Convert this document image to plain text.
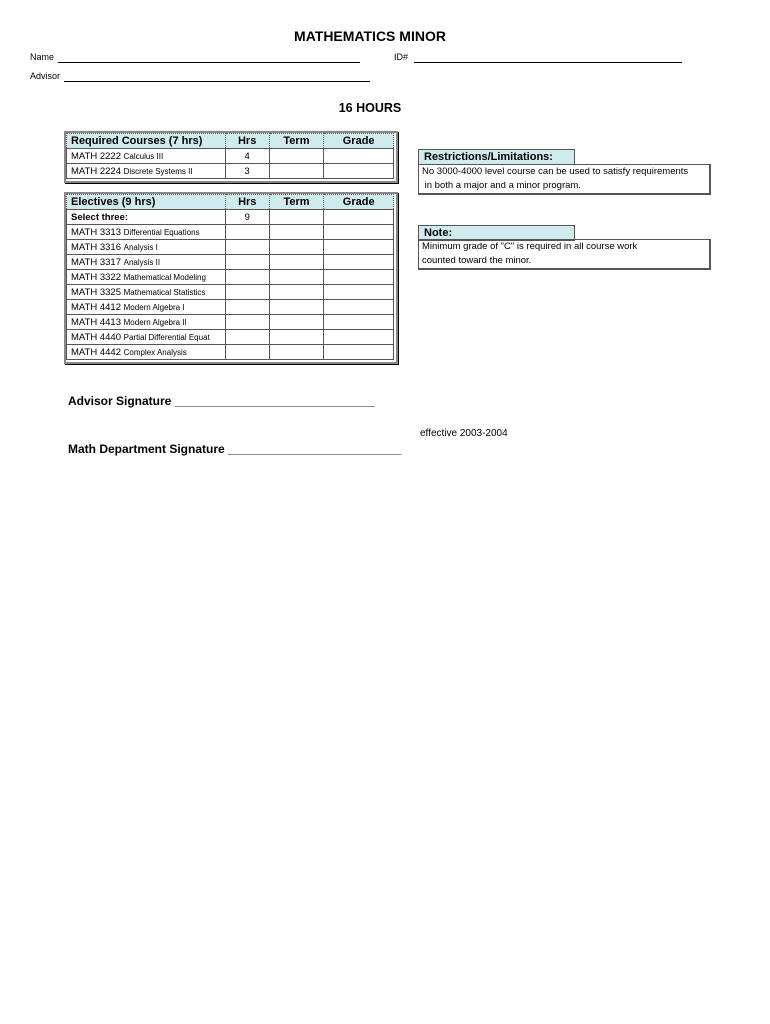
MATHEMATICS MINOR
Name	ID#
Advisor
16 HOURS
Required Courses (7 hrs)	Hrs	Term	Grade
MATH 2222 Calculus III	4		
MATH 2224 Discrete Systems II	3		
Electives (9 hrs)	Hrs	Term	Grade
Select three:	9		
MATH 3313 Differential Equations			
MATH 3316 Analysis I			
MATH 3317 Analysis II			
MATH 3322 Mathematical Modeling			
MATH 3325 Mathematical Statistics			
MATH 4412 Modern Algebra I			
MATH 4413 Modern Algebra II			
MATH 4440 Partial Differential Equat			
MATH 4442 Complex Analysis			
Restrictions/Limitations:
No 3000-4000 level course can be used to satisfy requirements
in both a major and a minor program.
Note:
Minimum grade of "C" is required in all course work
counted toward the minor.
Advisor Signature ______________________________
effective 2003-2004
Math Department Signature __________________________
